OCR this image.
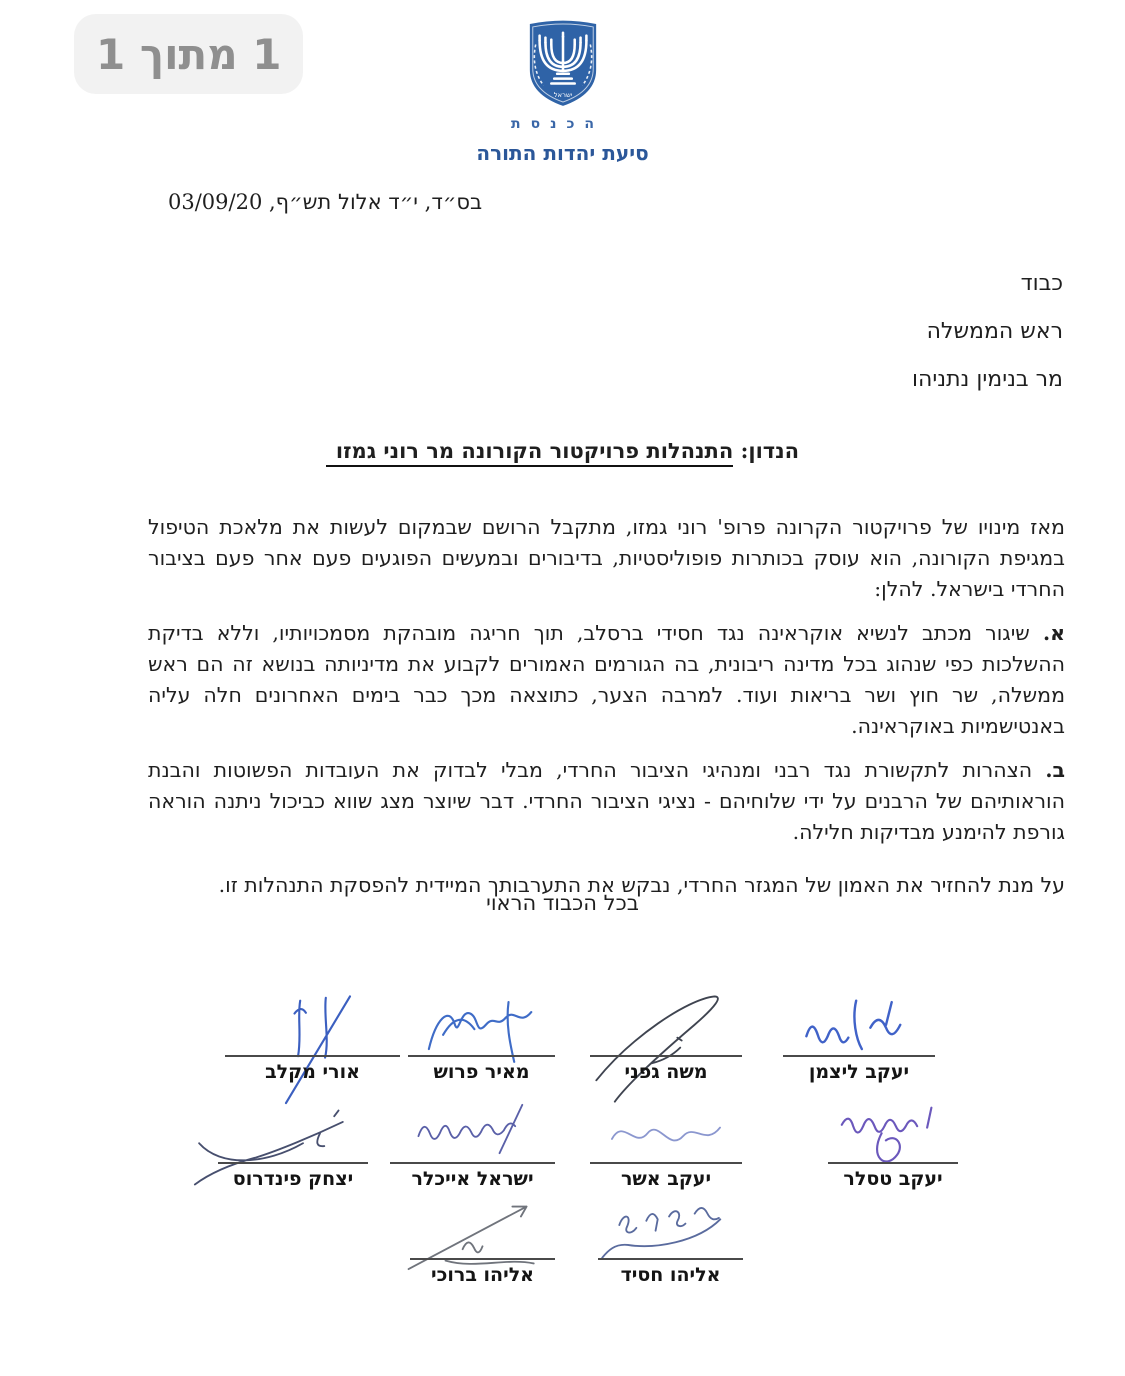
1 מתוך 1
ישראל
הכנסת
סיעת יהדות התורה
בס״ד, י״ד אלול תש״ף, 03/09/20
כבוד
ראש הממשלה
מר בנימין נתניהו
הנדון: התנהלות פרויקטור הקורונה מר רוני גמזו

מאז מינויו של פרויקטור הקרונה פרופ' רוני גמזו, מתקבל הרושם שבמקום לעשות את מלאכת הטיפול במגיפת הקורונה, הוא עוסק בכותרות פופוליסטיות, בדיבורים ובמעשים הפוגעים פעם אחר פעם בציבור החרדי בישראל. להלן:

א. שיגור מכתב לנשיא אוקראינה נגד חסידי ברסלב, תוך חריגה מובהקת מסמכויותיו, וללא בדיקת ההשלכות כפי שנהוג בכל מדינה ריבונית, בה הגורמים האמורים לקבוע את מדיניותה בנושא זה הם ראש ממשלה, שר חוץ ושר בריאות ועוד. למרבה הצער, כתוצאה מכך כבר בימים האחרונים חלה עליה באנטישמיות באוקראינה.

ב. הצהרות לתקשורת נגד רבני ומנהיגי הציבור החרדי, מבלי לבדוק את העובדות הפשוטות והבנת הוראותיהם של הרבנים על ידי שלוחיהם - נציגי הציבור החרדי. דבר שיוצר מצג שווא כביכול ניתנה הוראה גורפת להימנע מבדיקות חלילה.

על מנת להחזיר את האמון של המגזר החרדי, נבקש את התערבותך המיידית להפסקת התנהלות זו.

בכל הכבוד הראוי
אורי מקלב	מאיר פרוש	משה גפני	יעקב ליצמן
יצחק פינדרוס	ישראל אייכלר	יעקב אשר	יעקב טסלר
אליהו ברוכי	אליהו חסיד
